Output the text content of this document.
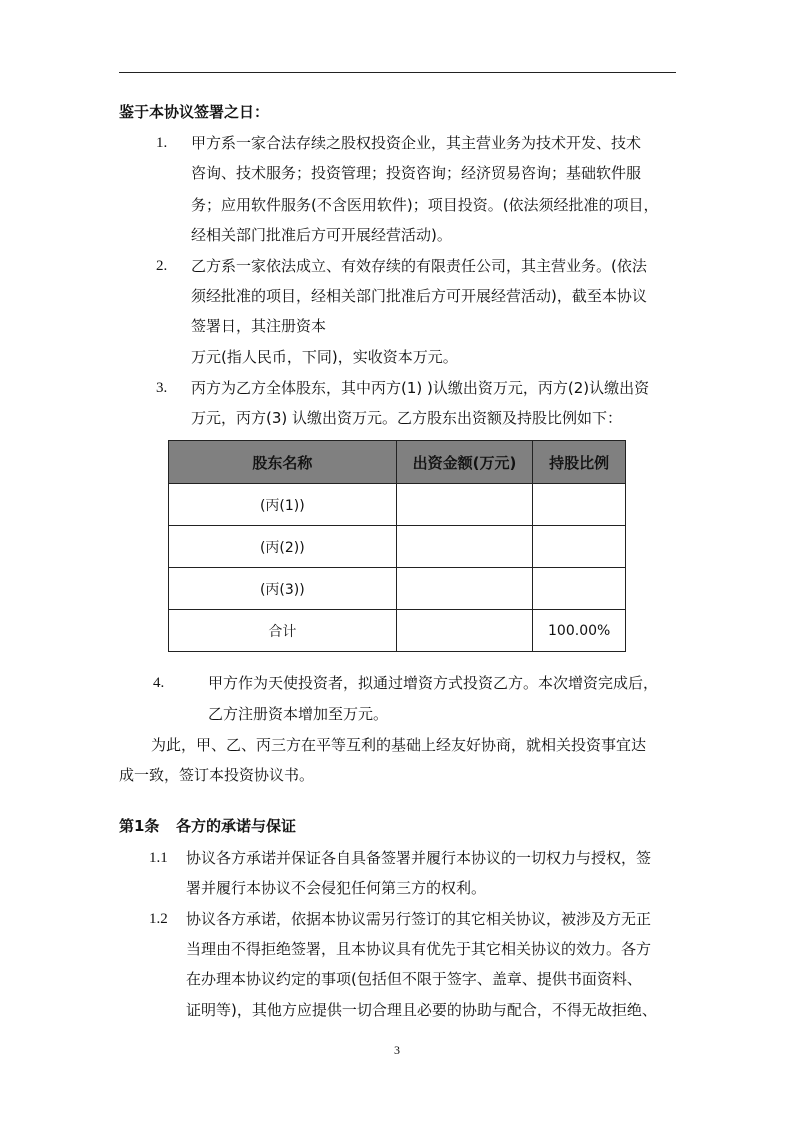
鉴于本协议签署之日：
1. 甲方系一家合法存续之股权投资企业，其主营业务为技术开发、技术
咨询、技术服务；投资管理；投资咨询；经济贸易咨询；基础软件服
务；应用软件服务(不含医用软件)；项目投资。(依法须经批准的项目，
经相关部门批准后方可开展经营活动)。
2. 乙方系一家依法成立、有效存续的有限责任公司，其主营业务。(依法
须经批准的项目，经相关部门批准后方可开展经营活动)，截至本协议
签署日，其注册资本
万元(指人民币，下同)，实收资本万元。
3. 丙方为乙方全体股东，其中丙方(1) )认缴出资万元，丙方(2)认缴出资
万元，丙方(3) 认缴出资万元。乙方股东出资额及持股比例如下：
股东名称	出资金额(万元)	持股比例
(丙(1))		
(丙(2))		
(丙(3))		
合计		100.00%
4.	甲方作为天使投资者，拟通过增资方式投资乙方。本次增资完成后，
乙方注册资本增加至万元。
为此，甲、乙、丙三方在平等互利的基础上经友好协商，就相关投资事宜达
成一致，签订本投资协议书。
第1条 各方的承诺与保证
1.1 协议各方承诺并保证各自具备签署并履行本协议的一切权力与授权，签
署并履行本协议不会侵犯任何第三方的权利。
1.2 协议各方承诺，依据本协议需另行签订的其它相关协议，被涉及方无正
当理由不得拒绝签署，且本协议具有优先于其它相关协议的效力。各方
在办理本协议约定的事项(包括但不限于签字、盖章、提供书面资料、
证明等)，其他方应提供一切合理且必要的协助与配合，不得无故拒绝、
3
